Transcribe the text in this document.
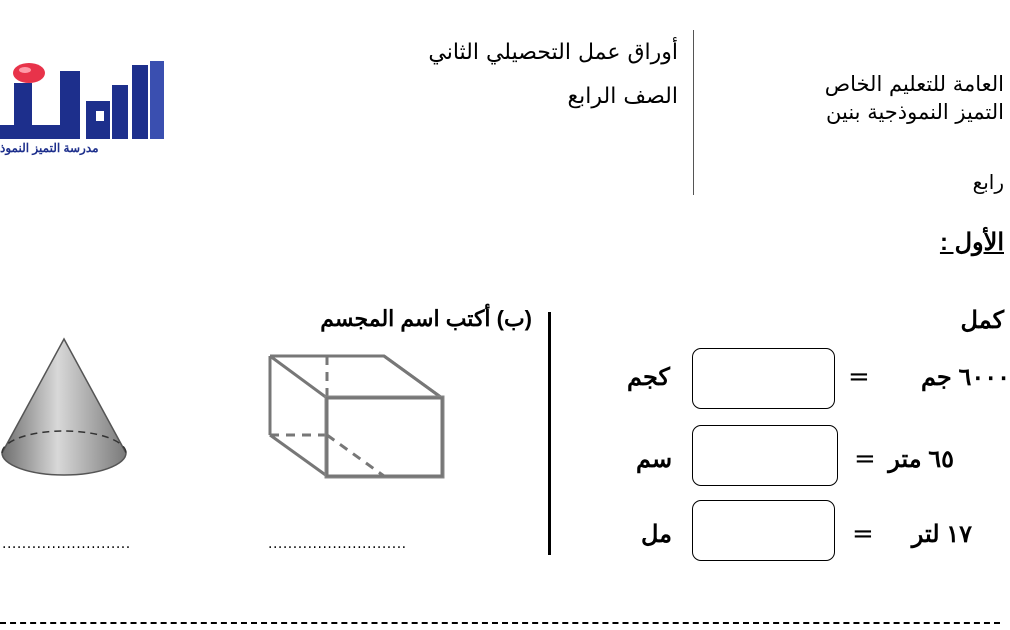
مدرسة التميز النموذ
أوراق عمل التحصيلي الثاني
الصف الرابع	العامة للتعليم الخاص
التميز النموذجية بنين
رابع
الأول :
كمل
(ب) أكتب اسم المجسم
٦٠٠٠ جم
=
كجم
٦٥ متر
=
سم
١٧ لتر
=
مل
..........................	............................
